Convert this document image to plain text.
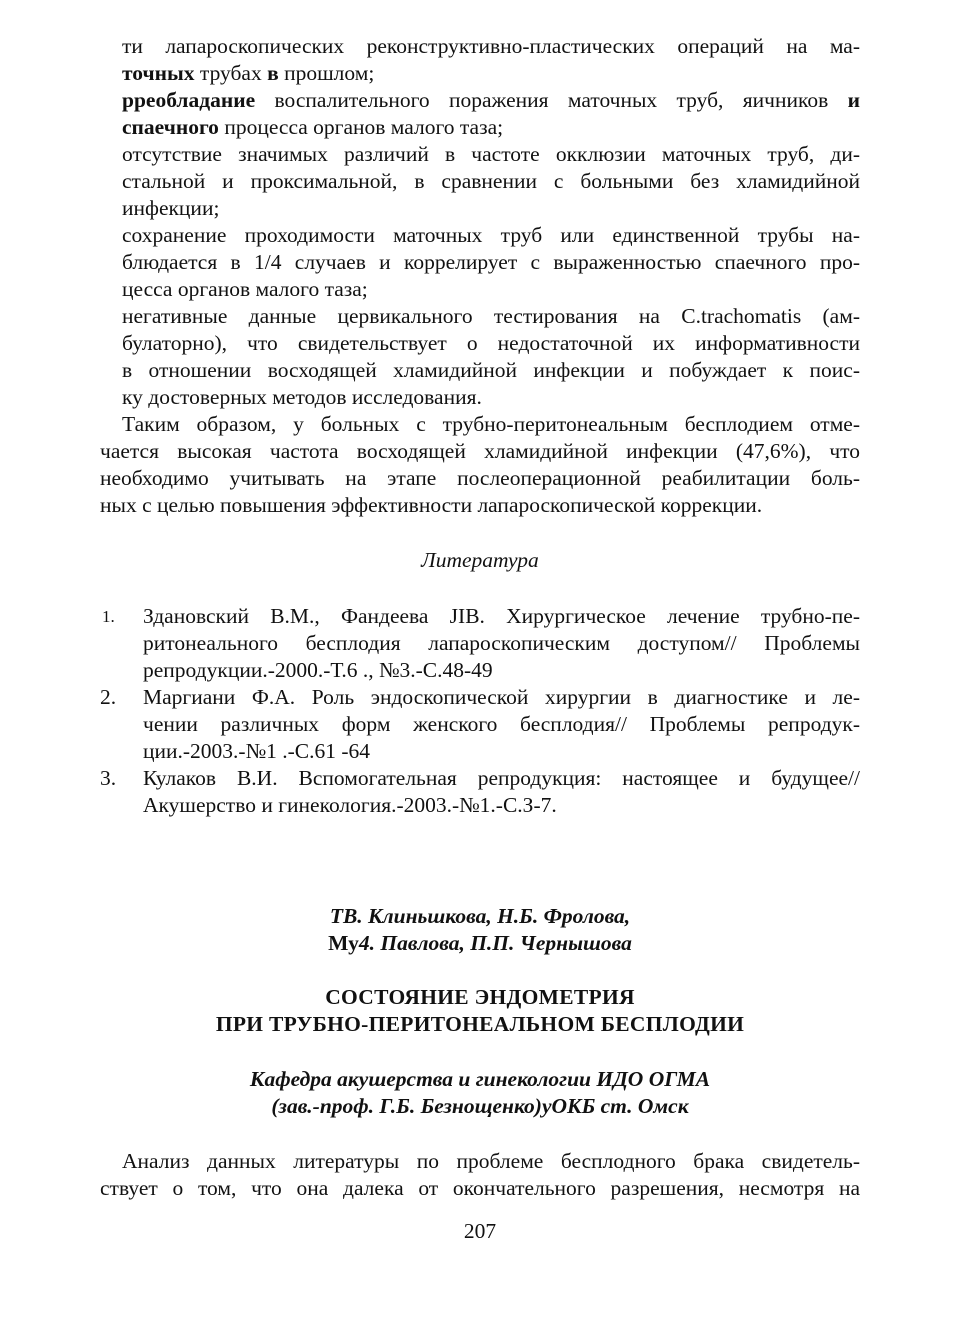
ти лапароскопических реконструктивно-пластических операций на ма-
точных трубах в прошлом;
рреобладание воспалительного поражения маточных труб, яичников и
спаечного процесса органов малого таза;
отсутствие значимых различий в частоте окклюзии маточных труб, ди-
стальной и проксимальной, в сравнении с больными без хламидийной
инфекции;
сохранение проходимости маточных труб или единственной трубы на-
блюдается в 1/4 случаев и коррелирует с выраженностью спаечного про-
цесса органов малого таза;
негативные данные цервикального тестирования на C.trachomatis (ам-
булаторно), что свидетельствует о недостаточной их информативности
в отношении восходящей хламидийной инфекции и побуждает к поис-
ку достоверных методов исследования.
Таким образом, у больных с трубно-перитонеальным бесплодием отме-
чается высокая частота восходящей хламидийной инфекции (47,6%), что
необходимо учитывать на этапе послеоперационной реабилитации боль-
ных с целью повышения эффективности лапароскопической коррекции.
Литература
1. Здановский В.М., Фандеева JIB. Хирургическое лечение трубно-пе-
ритонеального бесплодия лапароскопическим доступом// Проблемы
репродукции.-2000.-Т.6 ., №3.-С.48-49
2. Маргиани Ф.А. Роль эндоскопической хирургии в диагностике и ле-
чении различных форм женского бесплодия// Проблемы репродук-
ции.-2003.-№1 .-С.61 -64
3. Кулаков В.И. Вспомогательная репродукция: настоящее и будущее//
Акушерство и гинекология.-2003.-№1.-С.З-7.
ТВ. Клиньшкова, Н.Б. Фролова,
Му4. Павлова, П.П. Чернышова
СОСТОЯНИЕ ЭНДОМЕТРИЯ
ПРИ ТРУБНО-ПЕРИТОНЕАЛЬНОМ БЕСПЛОДИИ
Кафедра акушерства и гинекологии ИДО ОГМА
(зав.-проф. Г.Б. Безнощенко)уОКБ ст. Омск
Анализ данных литературы по проблеме бесплодного брака свидетель-
ствует о том, что она далека от окончательного разрешения, несмотря на
207
